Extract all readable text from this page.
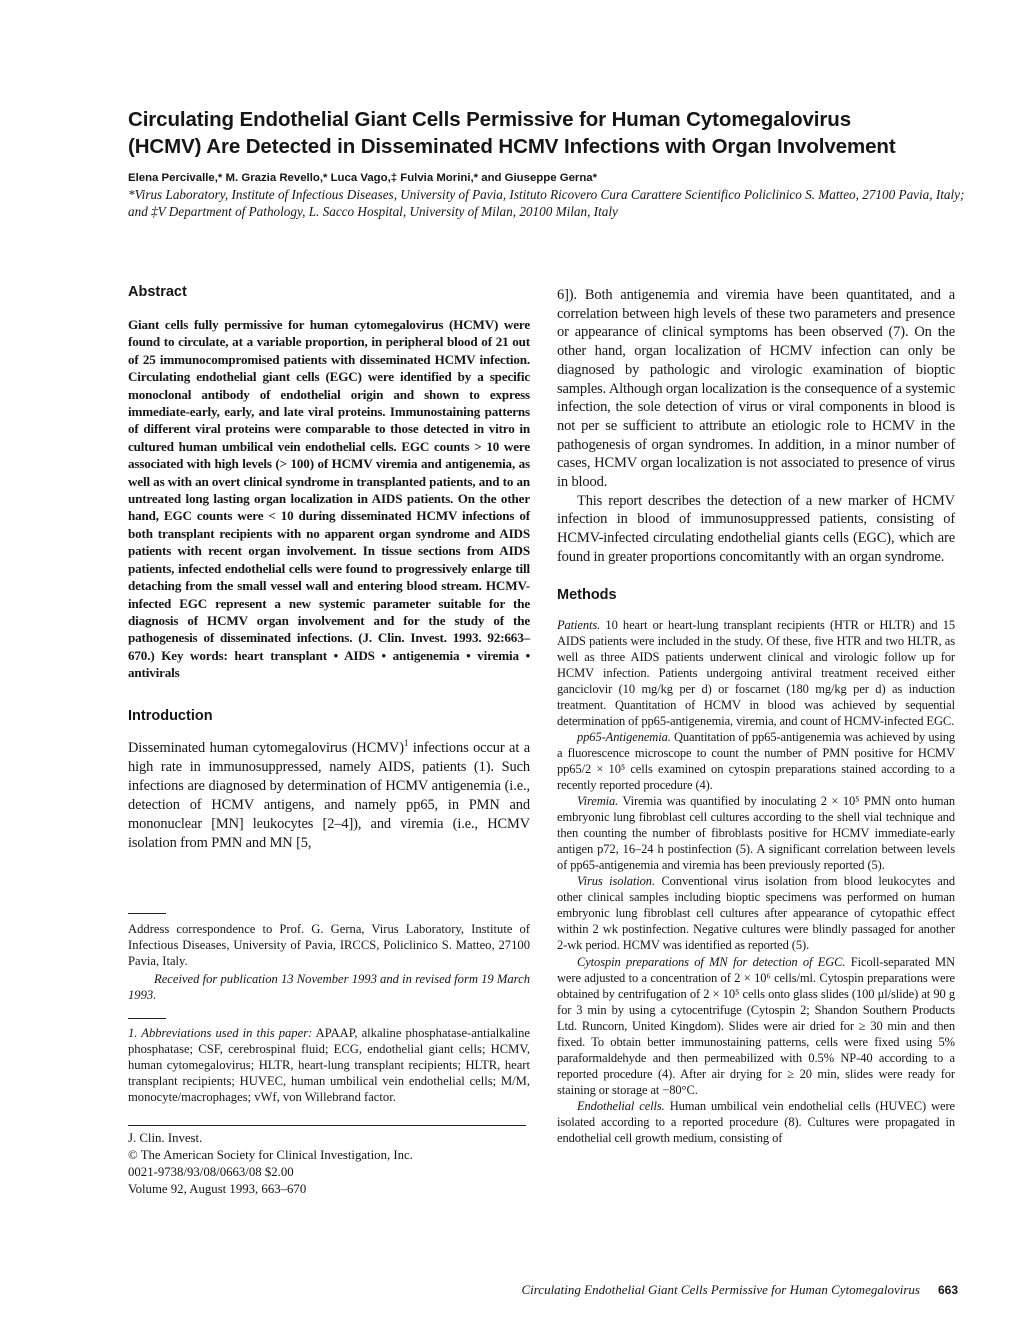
Circulating Endothelial Giant Cells Permissive for Human Cytomegalovirus
(HCMV) Are Detected in Disseminated HCMV Infections with Organ Involvement

Elena Percivalle,* M. Grazia Revello,* Luca Vago,‡ Fulvia Morini,* and Giuseppe Gerna*

*Virus Laboratory, Institute of Infectious Diseases, University of Pavia, Istituto Ricovero Cura Carattere Scientifico Policlinico S. Matteo, 27100 Pavia, Italy; and ‡V Department of Pathology, L. Sacco Hospital, University of Milan, 20100 Milan, Italy

Abstract

Giant cells fully permissive for human cytomegalovirus (HCMV) were found to circulate, at a variable proportion, in peripheral blood of 21 out of 25 immunocompromised patients with disseminated HCMV infection. Circulating endothelial giant cells (EGC) were identified by a specific monoclonal antibody of endothelial origin and shown to express immediate-early, early, and late viral proteins. Immunostaining patterns of different viral proteins were comparable to those detected in vitro in cultured human umbilical vein endothelial cells. EGC counts > 10 were associated with high levels (> 100) of HCMV viremia and antigenemia, as well as with an overt clinical syndrome in transplanted patients, and to an untreated long lasting organ localization in AIDS patients. On the other hand, EGC counts were < 10 during disseminated HCMV infections of both transplant recipients with no apparent organ syndrome and AIDS patients with recent organ involvement. In tissue sections from AIDS patients, infected endothelial cells were found to progressively enlarge till detaching from the small vessel wall and entering blood stream. HCMV-infected EGC represent a new systemic parameter suitable for the diagnosis of HCMV organ involvement and for the study of the pathogenesis of disseminated infections. (J. Clin. Invest. 1993. 92:663–670.) Key words: heart transplant • AIDS • antigenemia • viremia • antivirals

Introduction

Disseminated human cytomegalovirus (HCMV)$^1$ infections occur at a high rate in immunosuppressed, namely AIDS, patients (1). Such infections are diagnosed by determination of HCMV antigenemia (i.e., detection of HCMV antigens, and namely pp65, in PMN and mononuclear [MN] leukocytes [2–4]), and viremia (i.e., HCMV isolation from PMN and MN [5,

Address correspondence to Prof. G. Gerna, Virus Laboratory, Institute of Infectious Diseases, University of Pavia, IRCCS, Policlinico S. Matteo, 27100 Pavia, Italy.

Received for publication 13 November 1993 and in revised form 19 March 1993.

1. Abbreviations used in this paper: APAAP, alkaline phosphatase-antialkaline phosphatase; CSF, cerebrospinal fluid; ECG, endothelial giant cells; HCMV, human cytomegalovirus; HLTR, heart-lung transplant recipients; HLTR, heart transplant recipients; HUVEC, human umbilical vein endothelial cells; M/M, monocyte/macrophages; vWf, von Willebrand factor.

J. Clin. Invest.
© The American Society for Clinical Investigation, Inc.
0021-9738/93/08/0663/08 $2.00
Volume 92, August 1993, 663–670

6]). Both antigenemia and viremia have been quantitated, and a correlation between high levels of these two parameters and presence or appearance of clinical symptoms has been observed (7). On the other hand, organ localization of HCMV infection can only be diagnosed by pathologic and virologic examination of bioptic samples. Although organ localization is the consequence of a systemic infection, the sole detection of virus or viral components in blood is not per se sufficient to attribute an etiologic role to HCMV in the pathogenesis of organ syndromes. In addition, in a minor number of cases, HCMV organ localization is not associated to presence of virus in blood.

This report describes the detection of a new marker of HCMV infection in blood of immunosuppressed patients, consisting of HCMV-infected circulating endothelial giants cells (EGC), which are found in greater proportions concomitantly with an organ syndrome.

Methods

Patients. 10 heart or heart-lung transplant recipients (HTR or HLTR) and 15 AIDS patients were included in the study. Of these, five HTR and two HLTR, as well as three AIDS patients underwent clinical and virologic follow up for HCMV infection. Patients undergoing antiviral treatment received either ganciclovir (10 mg/kg per d) or foscarnet (180 mg/kg per d) as induction treatment. Quantitation of HCMV in blood was achieved by sequential determination of pp65-antigenemia, viremia, and count of HCMV-infected EGC.

pp65-Antigenemia. Quantitation of pp65-antigenemia was achieved by using a fluorescence microscope to count the number of PMN positive for HCMV pp65/2 × 10⁵ cells examined on cytospin preparations stained according to a recently reported procedure (4).

Viremia. Viremia was quantified by inoculating 2 × 10⁵ PMN onto human embryonic lung fibroblast cell cultures according to the shell vial technique and then counting the number of fibroblasts positive for HCMV immediate-early antigen p72, 16–24 h postinfection (5). A significant correlation between levels of pp65-antigenemia and viremia has been previously reported (5).

Virus isolation. Conventional virus isolation from blood leukocytes and other clinical samples including bioptic specimens was performed on human embryonic lung fibroblast cell cultures after appearance of cytopathic effect within 2 wk postinfection. Negative cultures were blindly passaged for another 2-wk period. HCMV was identified as reported (5).

Cytospin preparations of MN for detection of EGC. Ficoll-separated MN were adjusted to a concentration of 2 × 10⁶ cells/ml. Cytospin preparations were obtained by centrifugation of 2 × 10⁵ cells onto glass slides (100 μl/slide) at 90 g for 3 min by using a cytocentrifuge (Cytospin 2; Shandon Southern Products Ltd. Runcorn, United Kingdom). Slides were air dried for ≥ 30 min and then fixed. To obtain better immunostaining patterns, cells were fixed using 5% paraformaldehyde and then permeabilized with 0.5% NP-40 according to a reported procedure (4). After air drying for ≥ 20 min, slides were ready for staining or storage at −80°C.

Endothelial cells. Human umbilical vein endothelial cells (HUVEC) were isolated according to a reported procedure (8). Cultures were propagated in endothelial cell growth medium, consisting of

Circulating Endothelial Giant Cells Permissive for Human Cytomegalovirus 663
